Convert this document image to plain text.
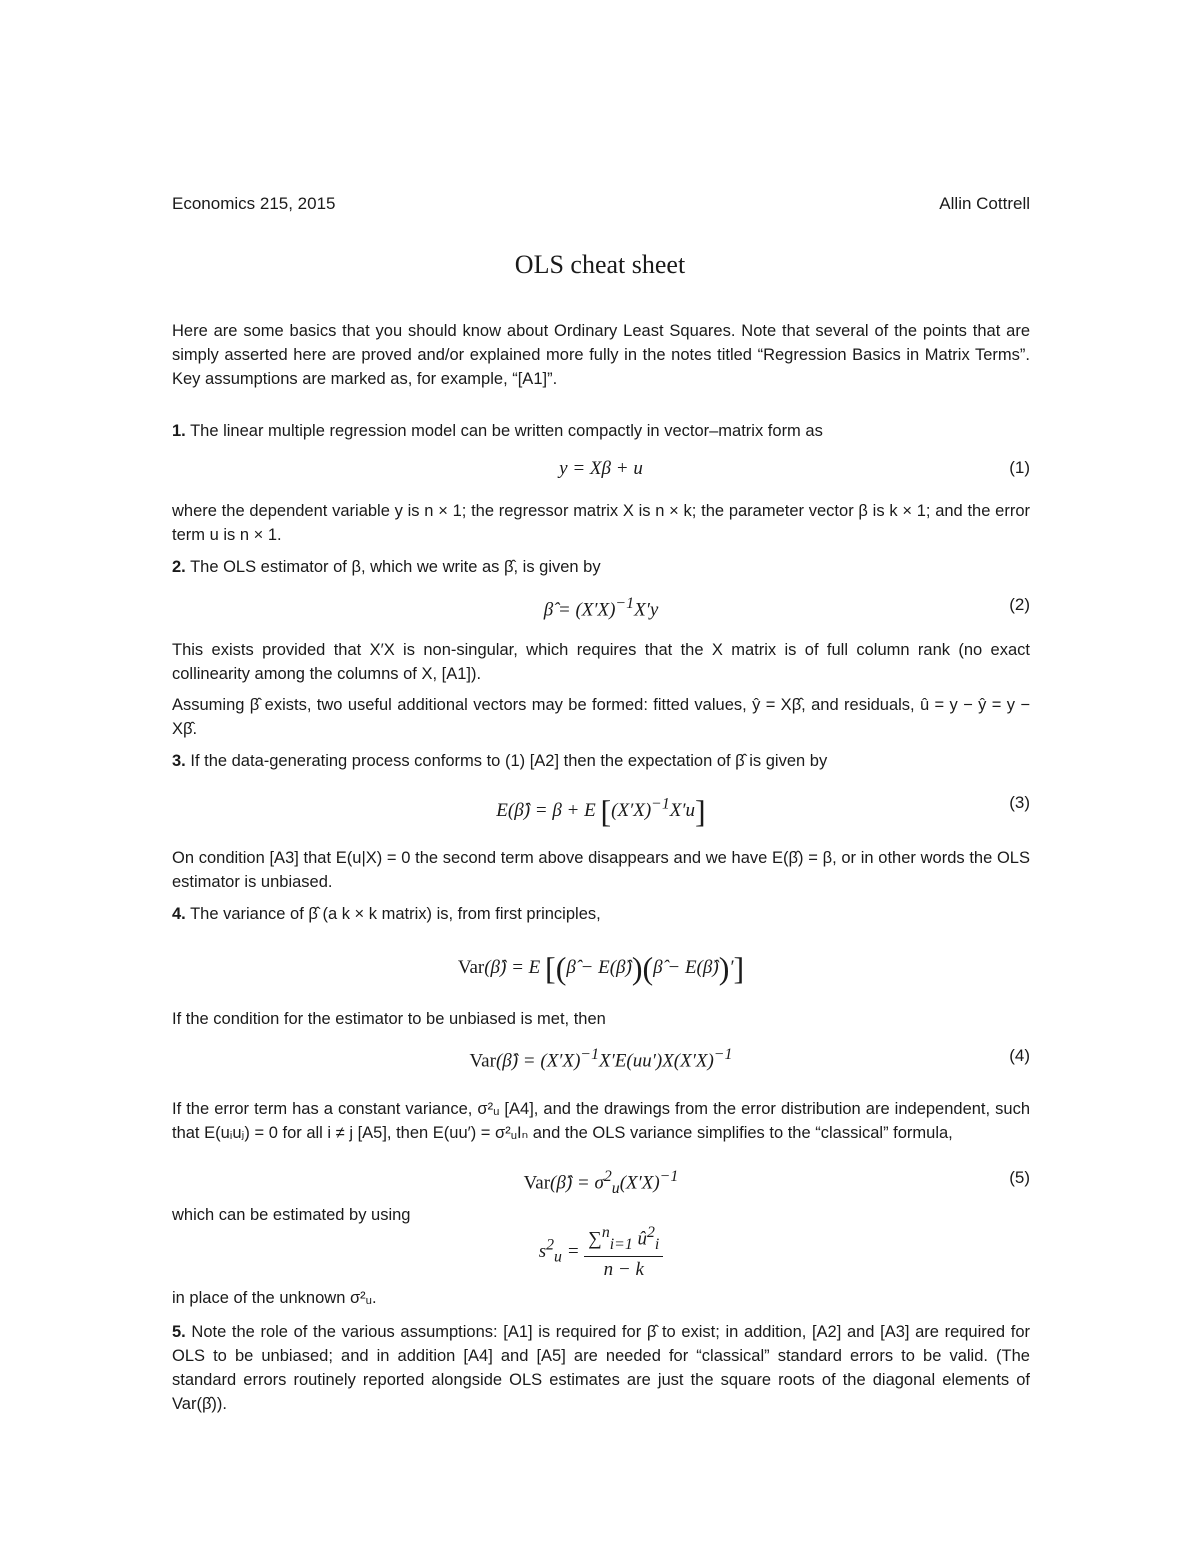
Economics 215, 2015	Allin Cottrell
OLS cheat sheet
Here are some basics that you should know about Ordinary Least Squares. Note that several of the points that are simply asserted here are proved and/or explained more fully in the notes titled “Regression Basics in Matrix Terms”. Key assumptions are marked as, for example, “[A1]”.
1. The linear multiple regression model can be written compactly in vector–matrix form as
y = Xβ + u	(1)
where the dependent variable y is n × 1; the regressor matrix X is n × k; the parameter vector β is k × 1; and the error term u is n × 1.
2. The OLS estimator of β, which we write as β̂, is given by
β̂ = $(X'X)^{-1}X'y$	(2)
This exists provided that X′X is non-singular, which requires that the X matrix is of full column rank (no exact collinearity among the columns of X, [A1]).
Assuming β̂ exists, two useful additional vectors may be formed: fitted values, ŷ = Xβ̂, and residuals, û = y − ŷ = y − Xβ̂.
3. If the data-generating process conforms to (1) [A2] then the expectation of β̂ is given by
E(β̂) = β + E $[(X'X)^{-1}X'u]$	(3)
On condition [A3] that E(u|X) = 0 the second term above disappears and we have E(β̂) = β, or in other words the OLS estimator is unbiased.
4. The variance of β̂ (a k × k matrix) is, from first principles,
Var(β̂) = E [(β̂ − E(β̂))(β̂ − E(β̂))′]
If the condition for the estimator to be unbiased is met, then
Var(β̂) = $(X'X)^{-1}X'E(uu')X(X'X)^{-1}$	(4)
If the error term has a constant variance, σ²ᵤ [A4], and the drawings from the error distribution are independent, such that E(uᵢuⱼ) = 0 for all i ≠ j [A5], then E(uu′) = σ²ᵤIₙ and the OLS variance simplifies to the “classical” formula,
Var(β̂) = $\sigma^2_u(X'X)^{-1}$	(5)
which can be estimated by using
$s^2_u = \frac{\sum^n_{i=1} û^2_i}{n - k}$
in place of the unknown σ²ᵤ.
5. Note the role of the various assumptions: [A1] is required for β̂ to exist; in addition, [A2] and [A3] are required for OLS to be unbiased; and in addition [A4] and [A5] are needed for “classical” standard errors to be valid. (The standard errors routinely reported alongside OLS estimates are just the square roots of the diagonal elements of Var(β̂)).
